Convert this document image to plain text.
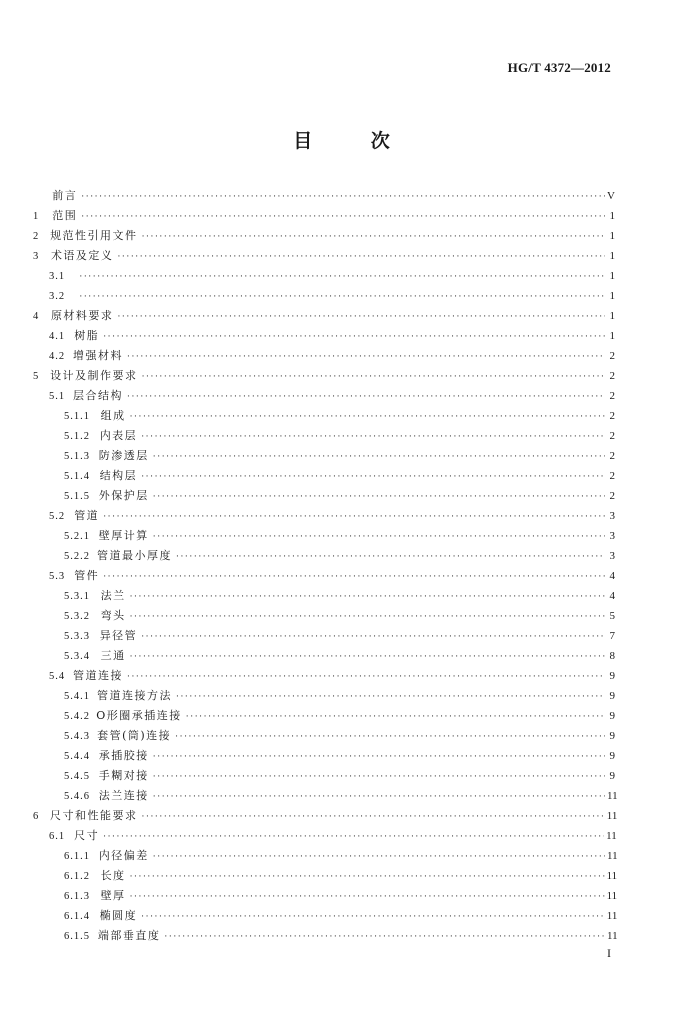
HG/T 4372—2012
目 次
前言 ·····	V
1	范围 ·····	1
2 规范性引用文件 ·····	1
3	术语及定义 ·····	1
3.1 ·····	1
3.2 ·····	1
4	原材料要求 ·····	1
4.1 树脂 ·····	1
4.2 增强材料 ·····	2
5 设计及制作要求 ·····	2
5.1 层合结构 ·····	2
5.1.1 组成 ·····	2
5.1.2 内表层 ·····	2
5.1.3 防渗透层 ·····	2
5.1.4 结构层 ·····	2
5.1.5 外保护层 ·····	2
5.2 管道 ·····	3
5.2.1 壁厚计算 ·····	3
5.2.2 管道最小厚度 ·····	3
5.3 管件 ·····	4
5.3.1 法兰 ·····	4
5.3.2 弯头 ·····	5
5.3.3 异径管 ·····	7
5.3.4 三通 ·····	8
5.4 管道连接 ·····	9
5.4.1 管道连接方法 ·····	9
5.4.2 O形圈承插连接 ·····	9
5.4.3 套管(筒)连接 ·····	9
5.4.4 承插胶接 ·····	9
5.4.5 手糊对接 ·····	9
5.4.6 法兰连接 ·····	11
6 尺寸和性能要求 ·····	11
6.1 尺寸 ·····	11
6.1.1 内径偏差 ·····	11
6.1.2 长度 ·····	11
6.1.3 壁厚 ·····	11
6.1.4 椭圆度 ·····	11
6.1.5 端部垂直度 ·····	11
I
